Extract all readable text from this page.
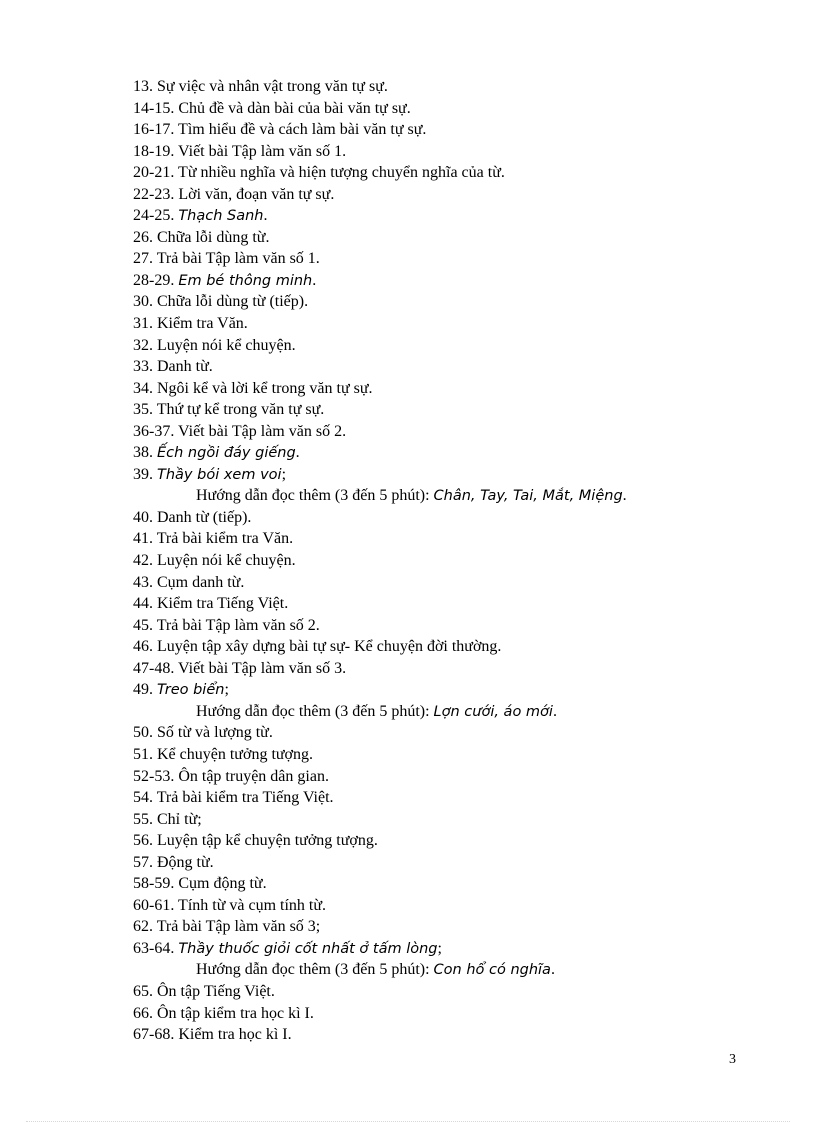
13. Sự việc và nhân vật trong văn tự sự.
14-15. Chủ đề và dàn bài của bài văn tự sự.
16-17. Tìm hiểu đề và cách làm bài văn tự sự.
18-19. Viết bài Tập làm văn số 1.
20-21. Từ nhiều nghĩa và hiện tượng chuyển nghĩa của từ.
22-23. Lời văn, đoạn văn tự sự.
24-25. Thạch Sanh.
26. Chữa lỗi dùng từ.
27. Trả bài Tập làm văn số 1.
28-29. Em bé thông minh.
30. Chữa lỗi dùng từ (tiếp).
31. Kiểm tra Văn.
32. Luyện nói kể chuyện.
33. Danh từ.
34. Ngôi kể và lời kể trong văn tự sự.
35. Thứ tự kể trong văn tự sự.
36-37. Viết bài Tập làm văn số 2.
38. Ếch ngồi đáy giếng.
39. Thầy bói xem voi;
Hướng dẫn đọc thêm (3 đến 5 phút): Chân, Tay, Tai, Mắt, Miệng.
40. Danh từ (tiếp).
41. Trả bài kiểm tra Văn.
42. Luyện nói kể chuyện.
43. Cụm danh từ.
44. Kiểm tra Tiếng Việt.
45. Trả bài Tập làm văn số 2.
46. Luyện tập xây dựng bài tự sự- Kể chuyện đời thường.
47-48. Viết bài Tập làm văn số 3.
49. Treo biển;
Hướng dẫn đọc thêm (3 đến 5 phút): Lợn cưới, áo mới.
50. Số từ và lượng từ.
51. Kể chuyện tưởng tượng.
52-53. Ôn tập truyện dân gian.
54. Trả bài kiểm tra Tiếng Việt.
55. Chỉ từ;
56. Luyện tập kể chuyện tưởng tượng.
57. Động từ.
58-59. Cụm động từ.
60-61. Tính từ và cụm tính từ.
62. Trả bài Tập làm văn số 3;
63-64. Thầy thuốc giỏi cốt nhất ở tấm lòng;
Hướng dẫn đọc thêm (3 đến 5 phút): Con hổ có nghĩa.
65. Ôn tập Tiếng Việt.
66. Ôn tập kiểm tra học kì I.
67-68. Kiểm tra học kì I.
3
